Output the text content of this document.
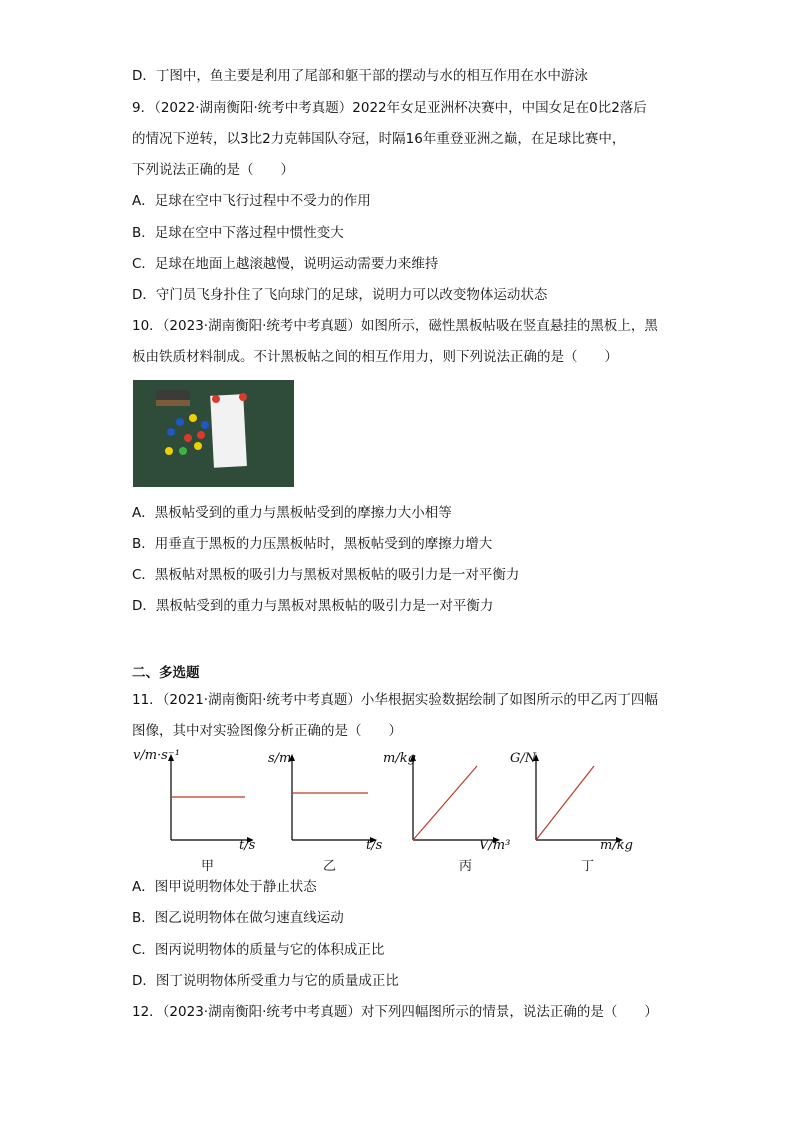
D．丁图中，鱼主要是利用了尾部和躯干部的摆动与水的相互作用在水中游泳
9．（2022·湖南衡阳·统考中考真题）2022年女足亚洲杯决赛中，中国女足在0比2落后
的情况下逆转，以3比2力克韩国队夺冠，时隔16年重登亚洲之巅，在足球比赛中，
下列说法正确的是（　　）
A．足球在空中飞行过程中不受力的作用
B．足球在空中下落过程中惯性变大
C．足球在地面上越滚越慢，说明运动需要力来维持
D．守门员飞身扑住了飞向球门的足球，说明力可以改变物体运动状态
10．（2023·湖南衡阳·统考中考真题）如图所示，磁性黑板帖吸在竖直悬挂的黑板上，黑
板由铁质材料制成。不计黑板帖之间的相互作用力，则下列说法正确的是（　　）
A．黑板帖受到的重力与黑板帖受到的摩擦力大小相等
B．用垂直于黑板的力压黑板帖时，黑板帖受到的摩擦力增大
C．黑板帖对黑板的吸引力与黑板对黑板帖的吸引力是一对平衡力
D．黑板帖受到的重力与黑板对黑板帖的吸引力是一对平衡力
二、多选题
11．（2021·湖南衡阳·统考中考真题）小华根据实验数据绘制了如图所示的甲乙丙丁四幅
图像，其中对实验图像分析正确的是（　　）
v/m·s⁻¹
t/s
甲
s/m
t/s
乙
m/kg
V/m³
丙
G/N
m/kg
丁
A．图甲说明物体处于静止状态
B．图乙说明物体在做匀速直线运动
C．图丙说明物体的质量与它的体积成正比
D．图丁说明物体所受重力与它的质量成正比
12．（2023·湖南衡阳·统考中考真题）对下列四幅图所示的情景，说法正确的是（　　）
